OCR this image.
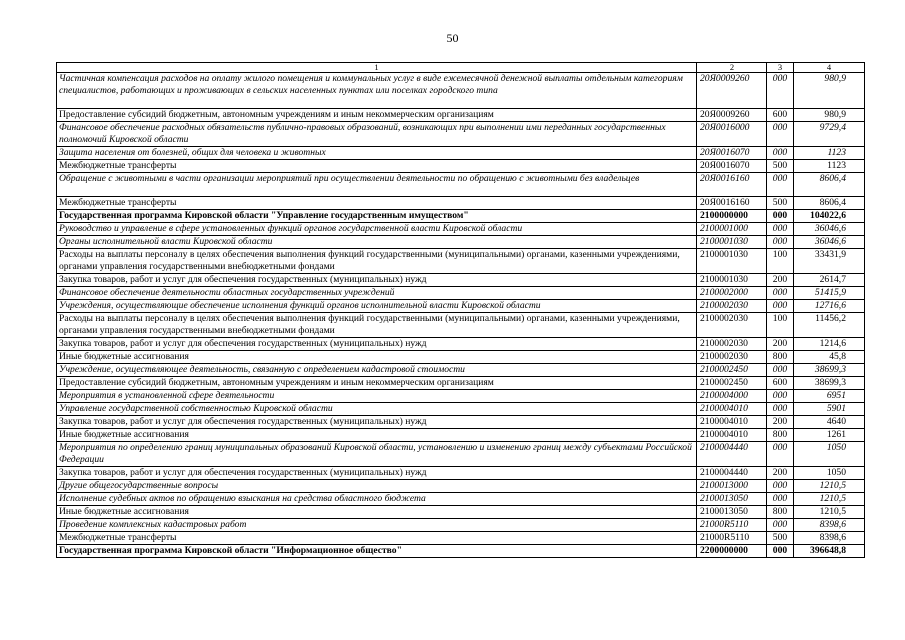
50
1	2	3	4
Частичная компенсация расходов на оплату жилого помещения и коммунальных услуг в виде ежемесячной денежной выплаты отдельным категориям специалистов, работающих и проживающих в сельских населенных пунктах или поселках городского типа	20Я0009260	000	980,9
Предоставление субсидий бюджетным, автономным учреждениям и иным некоммерческим организациям	20Я0009260	600	980,9
Финансовое обеспечение расходных обязательств публично-правовых образований, возникающих при выполнении ими переданных государственных полномочий Кировской области	20Я0016000	000	9729,4
Защита населения от болезней, общих для человека и животных	20Я0016070	000	1123
Межбюджетные трансферты	20Я0016070	500	1123
Обращение с животными в части организации мероприятий при осуществлении деятельности по обращению с животными без владельцев	20Я0016160	000	8606,4
Межбюджетные трансферты	20Я0016160	500	8606,4
Государственная программа Кировской области "Управление государственным имуществом"	2100000000	000	104022,6
Руководство и управление в сфере установленных функций органов государственной власти Кировской области	2100001000	000	36046,6
Органы исполнительной власти Кировской области	2100001030	000	36046,6
Расходы на выплаты персоналу в целях обеспечения выполнения функций государственными (муниципальными) органами, казенными учреждениями, органами управления государственными внебюджетными фондами	2100001030	100	33431,9
Закупка товаров, работ и услуг для обеспечения государственных (муниципальных) нужд	2100001030	200	2614,7
Финансовое обеспечение деятельности областных государственных учреждений	2100002000	000	51415,9
Учреждения, осуществляющие обеспечение исполнения функций органов исполнительной власти Кировской области	2100002030	000	12716,6
Расходы на выплаты персоналу в целях обеспечения выполнения функций государственными (муниципальными) органами, казенными учреждениями, органами управления государственными внебюджетными фондами	2100002030	100	11456,2
Закупка товаров, работ и услуг для обеспечения государственных (муниципальных) нужд	2100002030	200	1214,6
Иные бюджетные ассигнования	2100002030	800	45,8
Учреждение, осуществляющее деятельность, связанную с определением кадастровой стоимости	2100002450	000	38699,3
Предоставление субсидий бюджетным, автономным учреждениям и иным некоммерческим организациям	2100002450	600	38699,3
Мероприятия в установленной сфере деятельности	2100004000	000	6951
Управление государственной собственностью Кировской области	2100004010	000	5901
Закупка товаров, работ и услуг для обеспечения государственных (муниципальных) нужд	2100004010	200	4640
Иные бюджетные ассигнования	2100004010	800	1261
Мероприятия по определению границ муниципальных образований Кировской области, установлению и изменению границ между субъектами Российской Федерации	2100004440	000	1050
Закупка товаров, работ и услуг для обеспечения государственных (муниципальных) нужд	2100004440	200	1050
Другие общегосударственные вопросы	2100013000	000	1210,5
Исполнение судебных актов по обращению взыскания на средства областного бюджета	2100013050	000	1210,5
Иные бюджетные ассигнования	2100013050	800	1210,5
Проведение комплексных кадастровых работ	21000R5110	000	8398,6
Межбюджетные трансферты	21000R5110	500	8398,6
Государственная программа Кировской области "Информационное общество"	2200000000	000	396648,8
